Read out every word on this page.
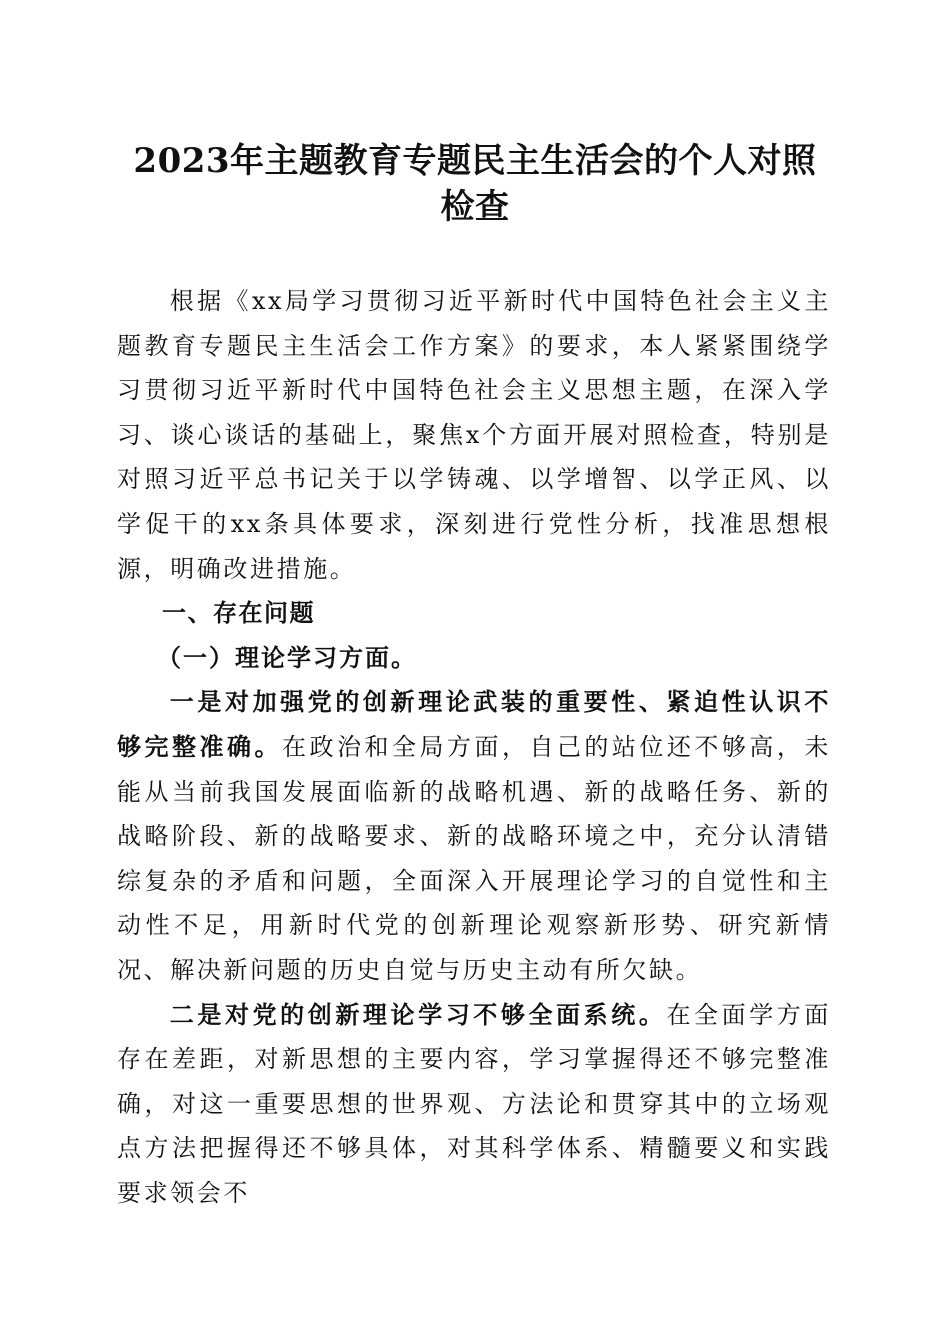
2023年主题教育专题民主生活会的个人对照
检查

根据《xx局学习贯彻习近平新时代中国特色社会主义主题教育专题民主生活会工作方案》的要求，本人紧紧围绕学习贯彻习近平新时代中国特色社会主义思想主题，在深入学习、谈心谈话的基础上，聚焦x个方面开展对照检查，特别是对照习近平总书记关于以学铸魂、以学增智、以学正风、以学促干的xx条具体要求，深刻进行党性分析，找准思想根源，明确改进措施。

一、存在问题

（一）理论学习方面。

一是对加强党的创新理论武装的重要性、紧迫性认识不够完整准确。在政治和全局方面，自己的站位还不够高，未能从当前我国发展面临新的战略机遇、新的战略任务、新的战略阶段、新的战略要求、新的战略环境之中，充分认清错综复杂的矛盾和问题，全面深入开展理论学习的自觉性和主动性不足，用新时代党的创新理论观察新形势、研究新情况、解决新问题的历史自觉与历史主动有所欠缺。

二是对党的创新理论学习不够全面系统。在全面学方面存在差距，对新思想的主要内容，学习掌握得还不够完整准确，对这一重要思想的世界观、方法论和贯穿其中的立场观点方法把握得还不够具体，对其科学体系、精髓要义和实践要求领会不
